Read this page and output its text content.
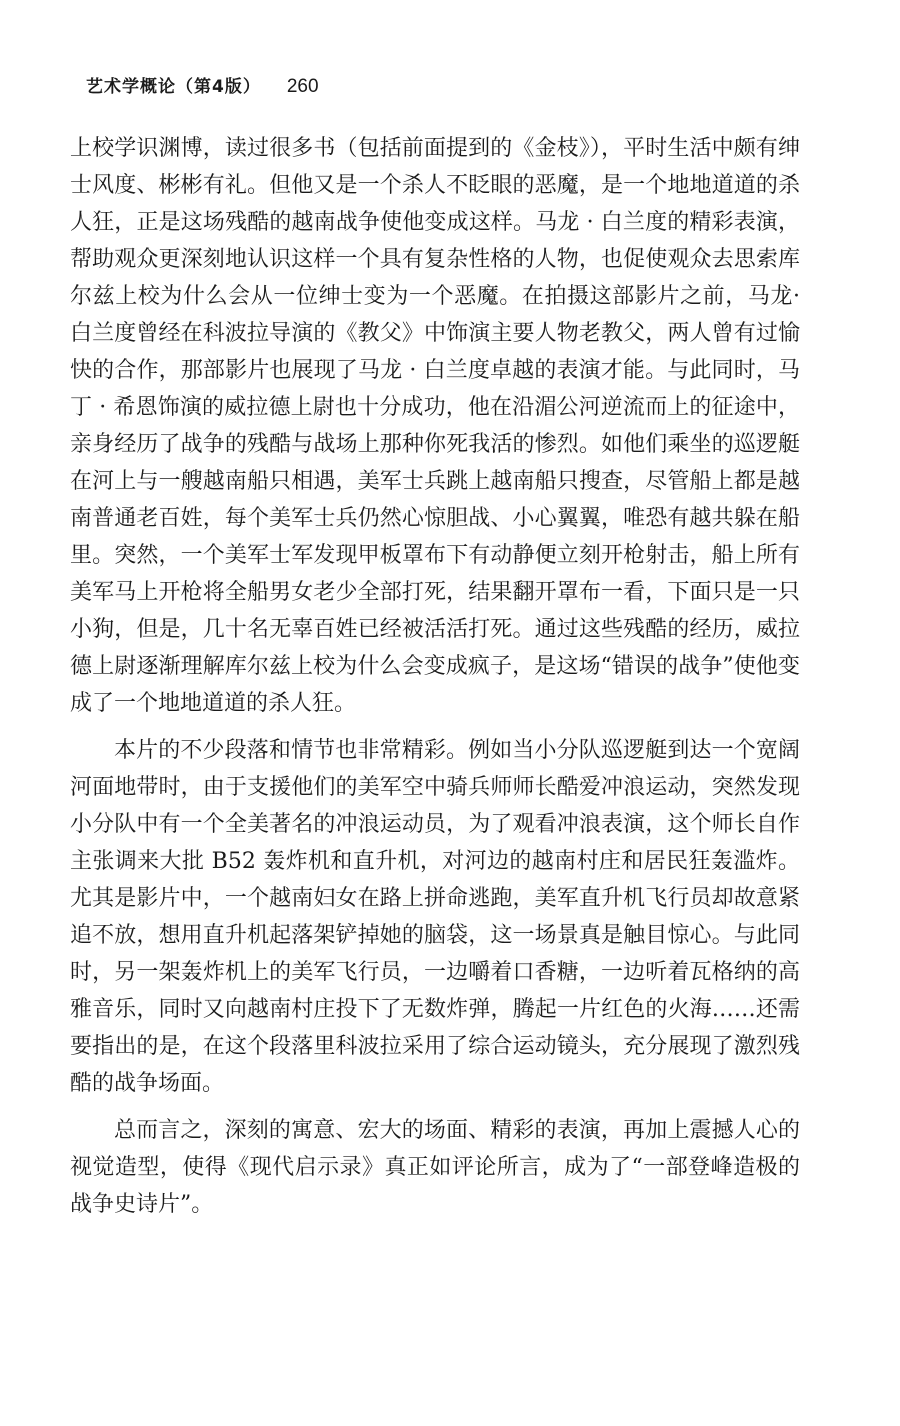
艺术学概论（第4版） 260

上校学识渊博，读过很多书（包括前面提到的《金枝》），平时生活中颇有绅士风度、彬彬有礼。但他又是一个杀人不眨眼的恶魔，是一个地地道道的杀人狂，正是这场残酷的越南战争使他变成这样。马龙 · 白兰度的精彩表演，帮助观众更深刻地认识这样一个具有复杂性格的人物，也促使观众去思索库尔兹上校为什么会从一位绅士变为一个恶魔。在拍摄这部影片之前，马龙·白兰度曾经在科波拉导演的《教父》中饰演主要人物老教父，两人曾有过愉快的合作，那部影片也展现了马龙 · 白兰度卓越的表演才能。与此同时，马丁 · 希恩饰演的威拉德上尉也十分成功，他在沿湄公河逆流而上的征途中，亲身经历了战争的残酷与战场上那种你死我活的惨烈。如他们乘坐的巡逻艇在河上与一艘越南船只相遇，美军士兵跳上越南船只搜查，尽管船上都是越南普通老百姓，每个美军士兵仍然心惊胆战、小心翼翼，唯恐有越共躲在船里。突然，一个美军士军发现甲板罩布下有动静便立刻开枪射击，船上所有美军马上开枪将全船男女老少全部打死，结果翻开罩布一看，下面只是一只小狗，但是，几十名无辜百姓已经被活活打死。通过这些残酷的经历，威拉德上尉逐渐理解库尔兹上校为什么会变成疯子，是这场“错误的战争”使他变成了一个地地道道的杀人狂。

本片的不少段落和情节也非常精彩。例如当小分队巡逻艇到达一个宽阔河面地带时，由于支援他们的美军空中骑兵师师长酷爱冲浪运动，突然发现小分队中有一个全美著名的冲浪运动员，为了观看冲浪表演，这个师长自作主张调来大批 B52 轰炸机和直升机，对河边的越南村庄和居民狂轰滥炸。尤其是影片中，一个越南妇女在路上拼命逃跑，美军直升机飞行员却故意紧追不放，想用直升机起落架铲掉她的脑袋，这一场景真是触目惊心。与此同时，另一架轰炸机上的美军飞行员，一边嚼着口香糖，一边听着瓦格纳的高雅音乐，同时又向越南村庄投下了无数炸弹，腾起一片红色的火海……还需要指出的是，在这个段落里科波拉采用了综合运动镜头，充分展现了激烈残酷的战争场面。

总而言之，深刻的寓意、宏大的场面、精彩的表演，再加上震撼人心的视觉造型，使得《现代启示录》真正如评论所言，成为了“一部登峰造极的战争史诗片”。
